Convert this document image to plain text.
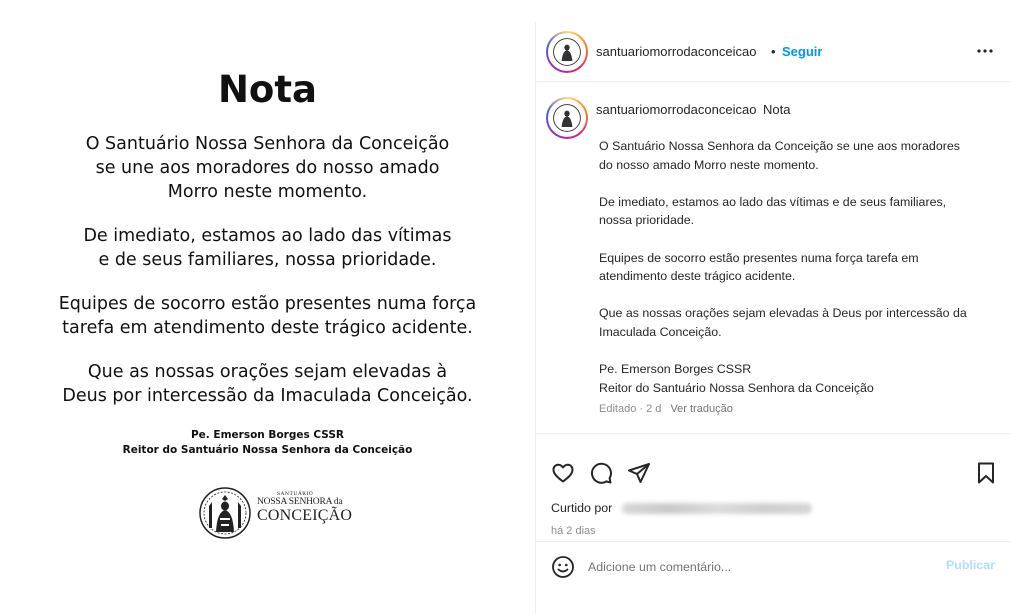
Nota
O Santuário Nossa Senhora da Conceição
se une aos moradores do nosso amado
Morro neste momento.
De imediato, estamos ao lado das vítimas
e de seus familiares, nossa prioridade.
Equipes de socorro estão presentes numa força
tarefa em atendimento deste trágico acidente.
Que as nossas orações sejam elevadas à
Deus por intercessão da Imaculada Conceição.
Pe. Emerson Borges CSSR
Reitor do Santuário Nossa Senhora da Conceição
SANTUÁRIO
NOSSA SENHORA da
CONCEIÇÃO
santuariomorrodaconceicao • Seguir
santuariomorrodaconceicao Nota
O Santuário Nossa Senhora da Conceição se une aos moradores
do nosso amado Morro neste momento.
De imediato, estamos ao lado das vítimas e de seus familiares,
nossa prioridade.
Equipes de socorro estão presentes numa força tarefa em
atendimento deste trágico acidente.
Que as nossas orações sejam elevadas à Deus por intercessão da
Imaculada Conceição.
Pe. Emerson Borges CSSR
Reitor do Santuário Nossa Senhora da Conceição
Editado · 2 d Ver tradução
Curtido por
há 2 dias
Adicione um comentário...
Publicar
